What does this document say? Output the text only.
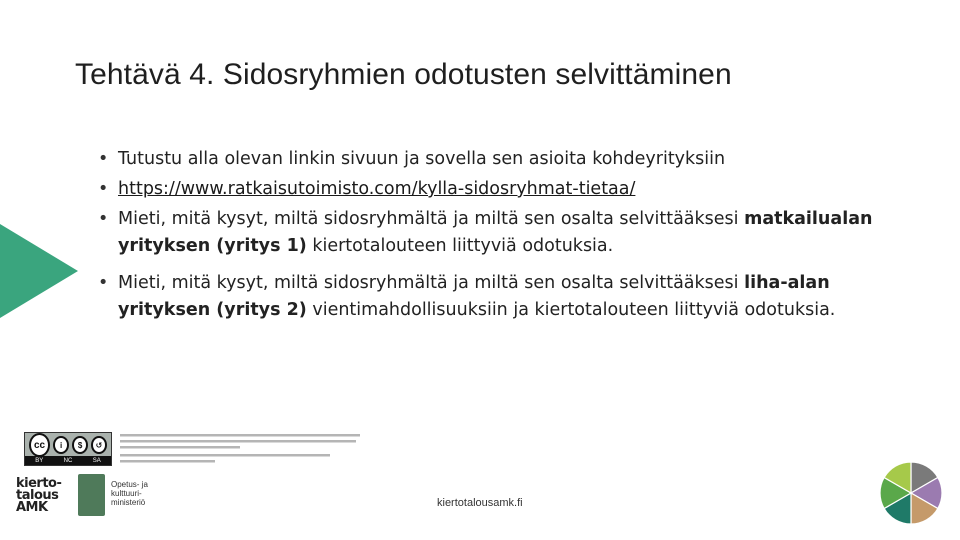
Tehtävä 4. Sidosryhmien odotusten selvittäminen
• Tutustu alla olevan linkin sivuun ja sovella sen asioita kohdeyrityksiin
• https://www.ratkaisutoimisto.com/kylla-sidosryhmat-tietaa/
• Mieti, mitä kysyt, miltä sidosryhmältä ja miltä sen osalta selvittääksesi matkailualan yrityksen (yritys 1) kiertotalouteen liittyviä odotuksia.
• Mieti, mitä kysyt, miltä sidosryhmältä ja miltä sen osalta selvittääksesi liha-alan yrityksen (yritys 2) vientimahdollisuuksiin ja kiertotalouteen liittyviä odotuksia.
cc	i	$	↺
BY	NC	SA
kierto-
talous
AMK
Opetus- ja
kulttuuri-
ministeriö	kiertotalousamk.fi
